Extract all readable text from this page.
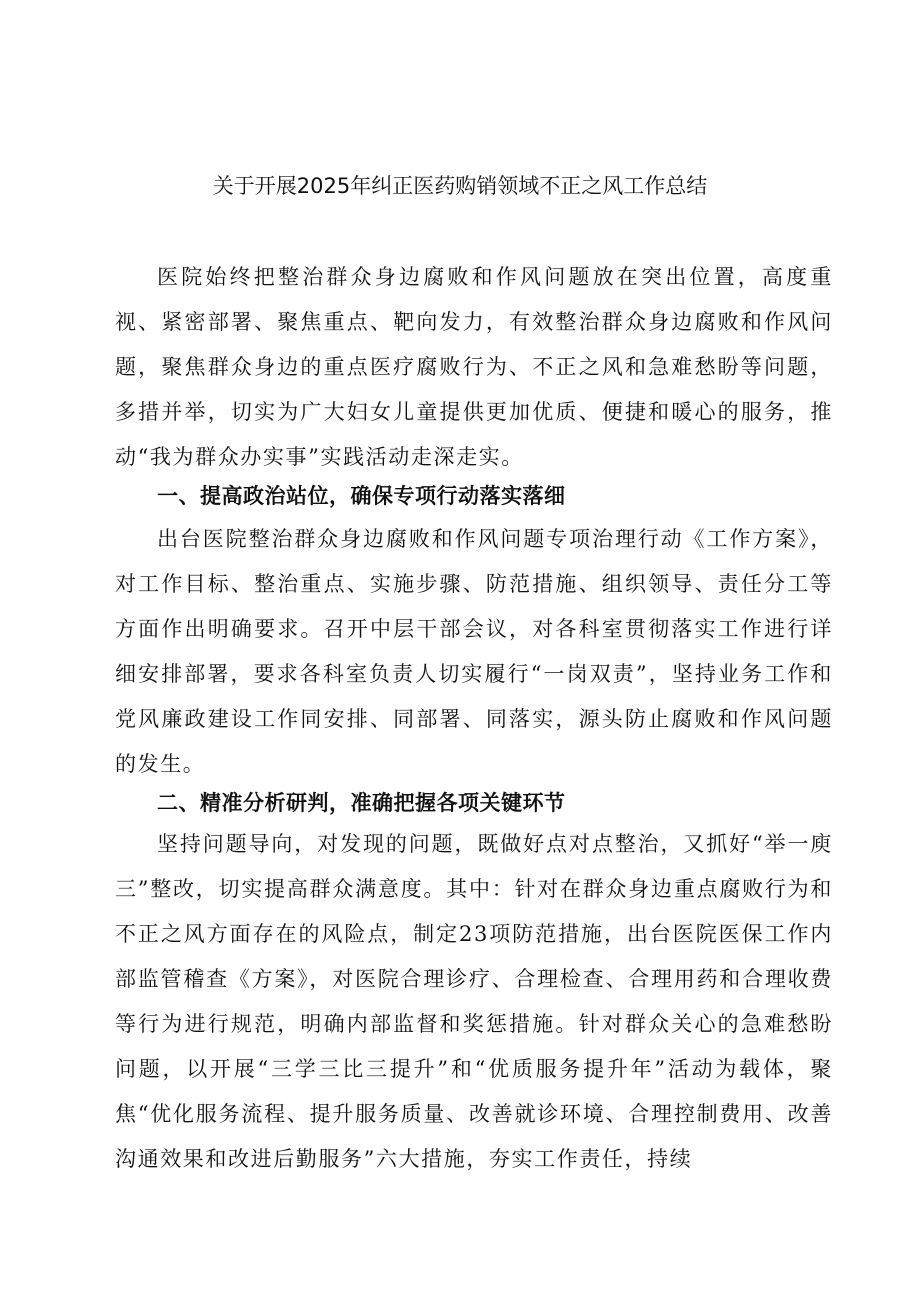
关于开展2025年纠正医药购销领域不正之风工作总结

医院始终把整治群众身边腐败和作风问题放在突出位置，高度重视、紧密部署、聚焦重点、靶向发力，有效整治群众身边腐败和作风问题，聚焦群众身边的重点医疗腐败行为、不正之风和急难愁盼等问题，多措并举，切实为广大妇女儿童提供更加优质、便捷和暖心的服务，推动“我为群众办实事”实践活动走深走实。

一、提高政治站位，确保专项行动落实落细

出台医院整治群众身边腐败和作风问题专项治理行动《工作方案》，对工作目标、整治重点、实施步骤、防范措施、组织领导、责任分工等方面作出明确要求。召开中层干部会议，对各科室贯彻落实工作进行详细安排部署，要求各科室负责人切实履行“一岗双责”，坚持业务工作和党风廉政建设工作同安排、同部署、同落实，源头防止腐败和作风问题的发生。

二、精准分析研判，准确把握各项关键环节

坚持问题导向，对发现的问题，既做好点对点整治，又抓好“举一庾三”整改，切实提高群众满意度。其中：针对在群众身边重点腐败行为和不正之风方面存在的风险点，制定23项防范措施，出台医院医保工作内部监管稽查《方案》，对医院合理诊疗、合理检查、合理用药和合理收费等行为进行规范，明确内部监督和奖惩措施。针对群众关心的急难愁盼问题，以开展“三学三比三提升”和“优质服务提升年”活动为载体，聚焦“优化服务流程、提升服务质量、改善就诊环境、合理控制费用、改善沟通效果和改进后勤服务”六大措施，夯实工作责任，持续
